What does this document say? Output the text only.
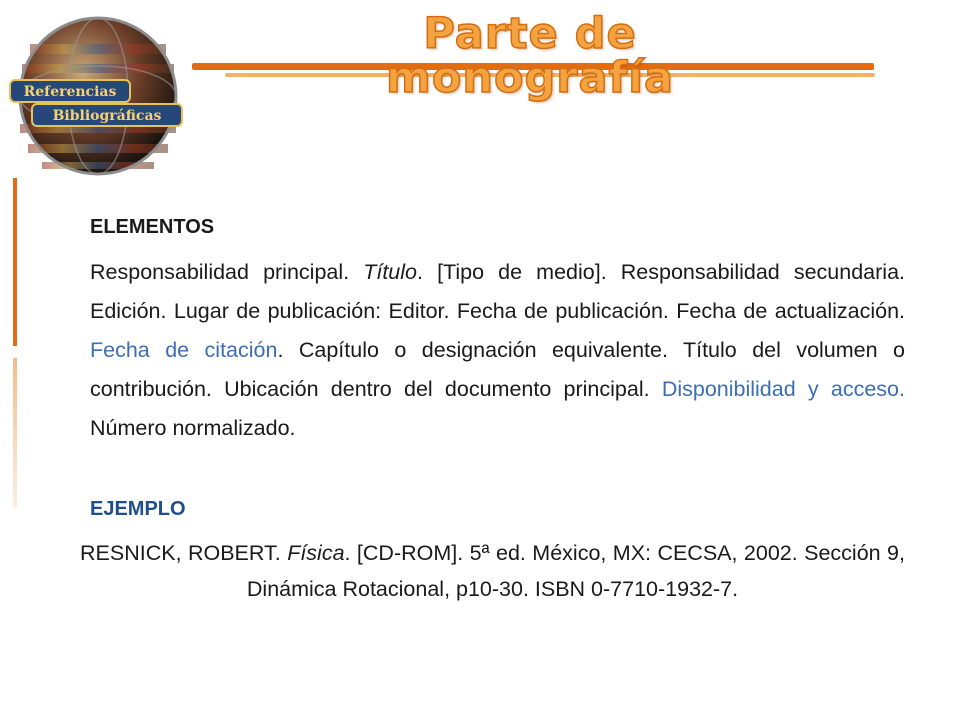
Referencias
Bibliográficas
Parte de
monografía
ELEMENTOS
Responsabilidad principal. Título. [Tipo de medio]. Responsabilidad secundaria. Edición. Lugar de publicación: Editor. Fecha de publicación. Fecha de actualización. Fecha de citación. Capítulo o designación equivalente. Título del volumen o contribución. Ubicación dentro del documento principal. Disponibilidad y acceso. Número normalizado.
EJEMPLO
RESNICK, ROBERT. Física. [CD-ROM]. 5ª ed. México, MX: CECSA, 2002. Sección 9, Dinámica Rotacional, p10-30. ISBN 0-7710-1932-7.
